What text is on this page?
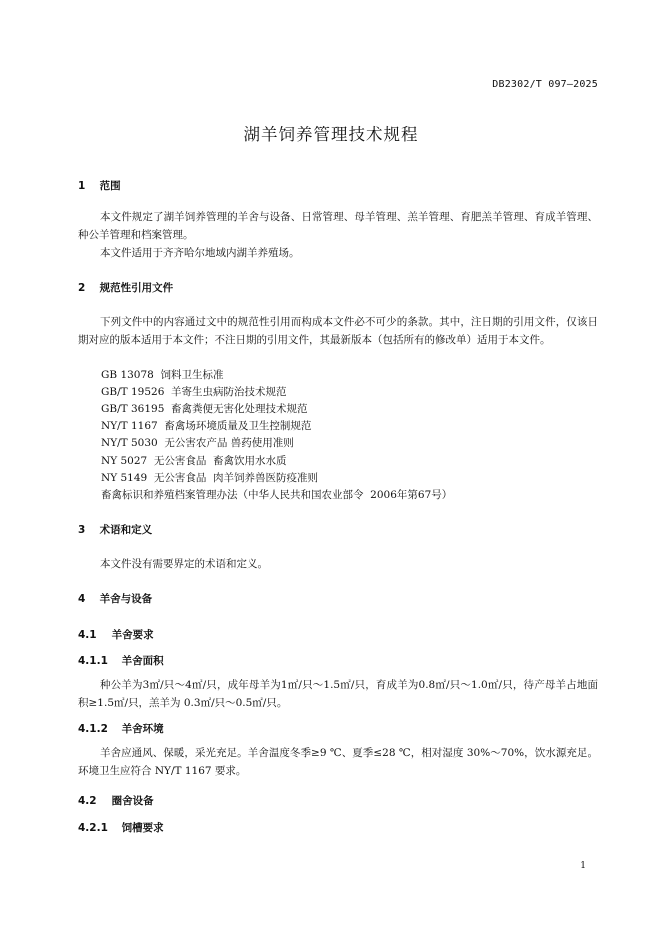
DB2302/T 097—2025
湖羊饲养管理技术规程
1 范围
本文件规定了湖羊饲养管理的羊舍与设备、日常管理、母羊管理、羔羊管理、育肥羔羊管理、育成羊管理、种公羊管理和档案管理。
本文件适用于齐齐哈尔地域内湖羊养殖场。
2 规范性引用文件
下列文件中的内容通过文中的规范性引用而构成本文件必不可少的条款。其中，注日期的引用文件，仅该日期对应的版本适用于本文件；不注日期的引用文件，其最新版本（包括所有的修改单）适用于本文件。
GB 13078  饲料卫生标准
GB/T 19526  羊寄生虫病防治技术规范
GB/T 36195  畜禽粪便无害化处理技术规范
NY/T 1167  畜禽场环境质量及卫生控制规范
NY/T 5030  无公害农产品 兽药使用准则
NY 5027  无公害食品  畜禽饮用水水质
NY 5149  无公害食品  肉羊饲养兽医防疫准则
畜禽标识和养殖档案管理办法（中华人民共和国农业部令  2006年第67号）
3 术语和定义
本文件没有需要界定的术语和定义。
4 羊舍与设备
4.1 羊舍要求
4.1.1 羊舍面积
种公羊为3㎡/只～4㎡/只，成年母羊为1㎡/只～1.5㎡/只，育成羊为0.8㎡/只～1.0㎡/只，待产母羊占地面积≥1.5㎡/只，羔羊为 0.3㎡/只～0.5㎡/只。
4.1.2 羊舍环境
羊舍应通风、保暖，采光充足。羊舍温度冬季≥9 ℃、夏季≤28 ℃，相对湿度 30%～70%，饮水源充足。环境卫生应符合 NY/T 1167 要求。
4.2 圈舍设备
4.2.1 饲槽要求
1
